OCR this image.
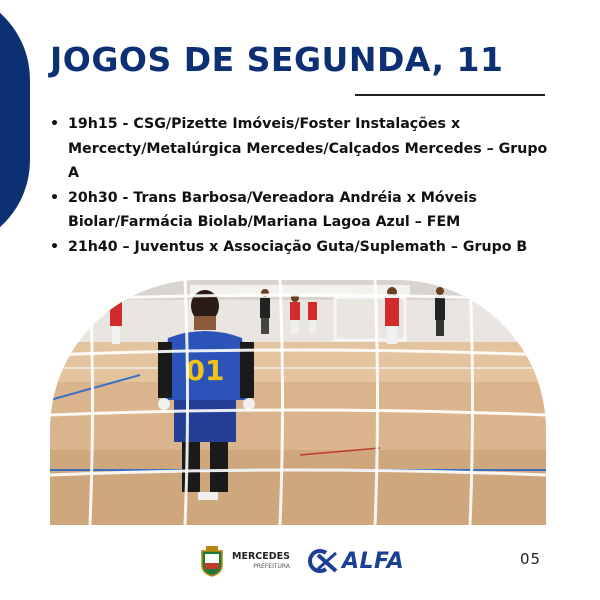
JOGOS DE SEGUNDA, 11
• 19h15 - CSG/Pizette Imóveis/Foster Instalações x Mercecty/Metalúrgica Mercedes/Calçados Mercedes – Grupo A
• 20h30 - Trans Barbosa/Vereadora Andréia x Móveis Biolar/Farmácia Biolab/Mariana Lagoa Azul – FEM
• 21h40 – Juventus x Associação Guta/Suplemath – Grupo B
01
MERCEDES
PREFEITURA ALFA	05
